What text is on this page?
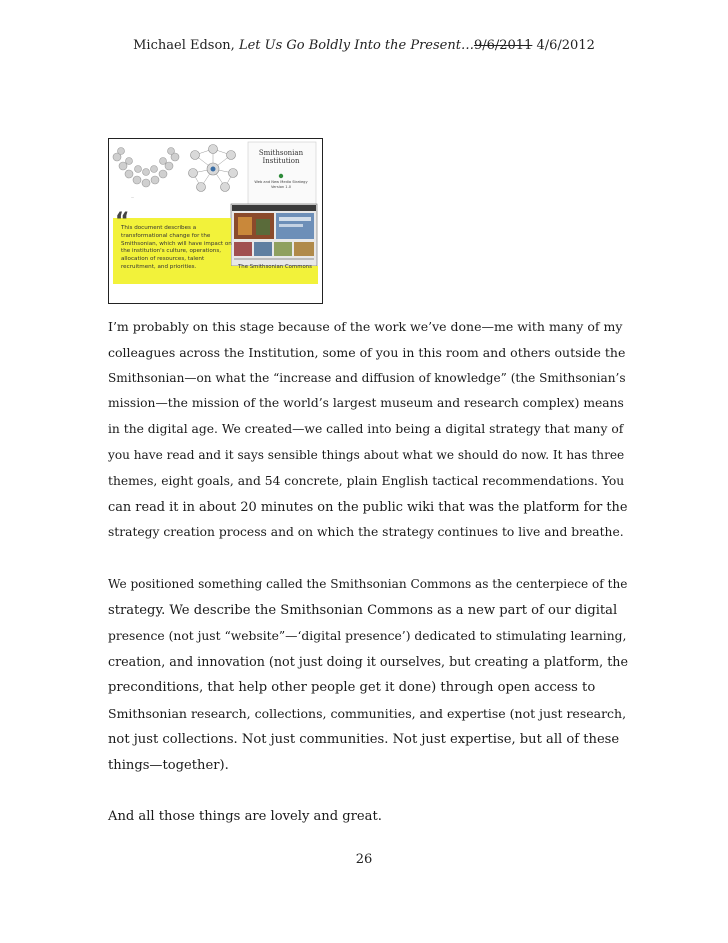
Michael Edson, Let Us Go Boldly Into the Present…9/6/2011 4/6/2012
—
Smithsonian Institution
Web and New Media Strategy Version 1.0
“
This document describes a transformational change for the Smithsonian, which will have impact on the institution's culture, operations, allocation of resources, talent recruitment, and priorities.	The Smithsonian Commons

I’m probably on this stage because of the work we’ve done—me with many of my
colleagues across the Institution, some of you in this room and others outside the
Smithsonian—on what the “increase and diffusion of knowledge” (the Smithsonian’s
mission—the mission of the world’s largest museum and research complex) means
in the digital age. We created—we called into being a digital strategy that many of
you have read and it says sensible things about what we should do now. It has three
themes, eight goals, and 54 concrete, plain English tactical recommendations. You
can read it in about 20 minutes on the public wiki that was the platform for the
strategy creation process and on which the strategy continues to live and breathe.

We positioned something called the Smithsonian Commons as the centerpiece of the
strategy. We describe the Smithsonian Commons as a new part of our digital
presence (not just “website”—‘digital presence’) dedicated to stimulating learning,
creation, and innovation (not just doing it ourselves, but creating a platform, the
preconditions, that help other people get it done) through open access to
Smithsonian research, collections, communities, and expertise (not just research,
not just collections. Not just communities. Not just expertise, but all of these
things—together).

And all those things are lovely and great.

26
